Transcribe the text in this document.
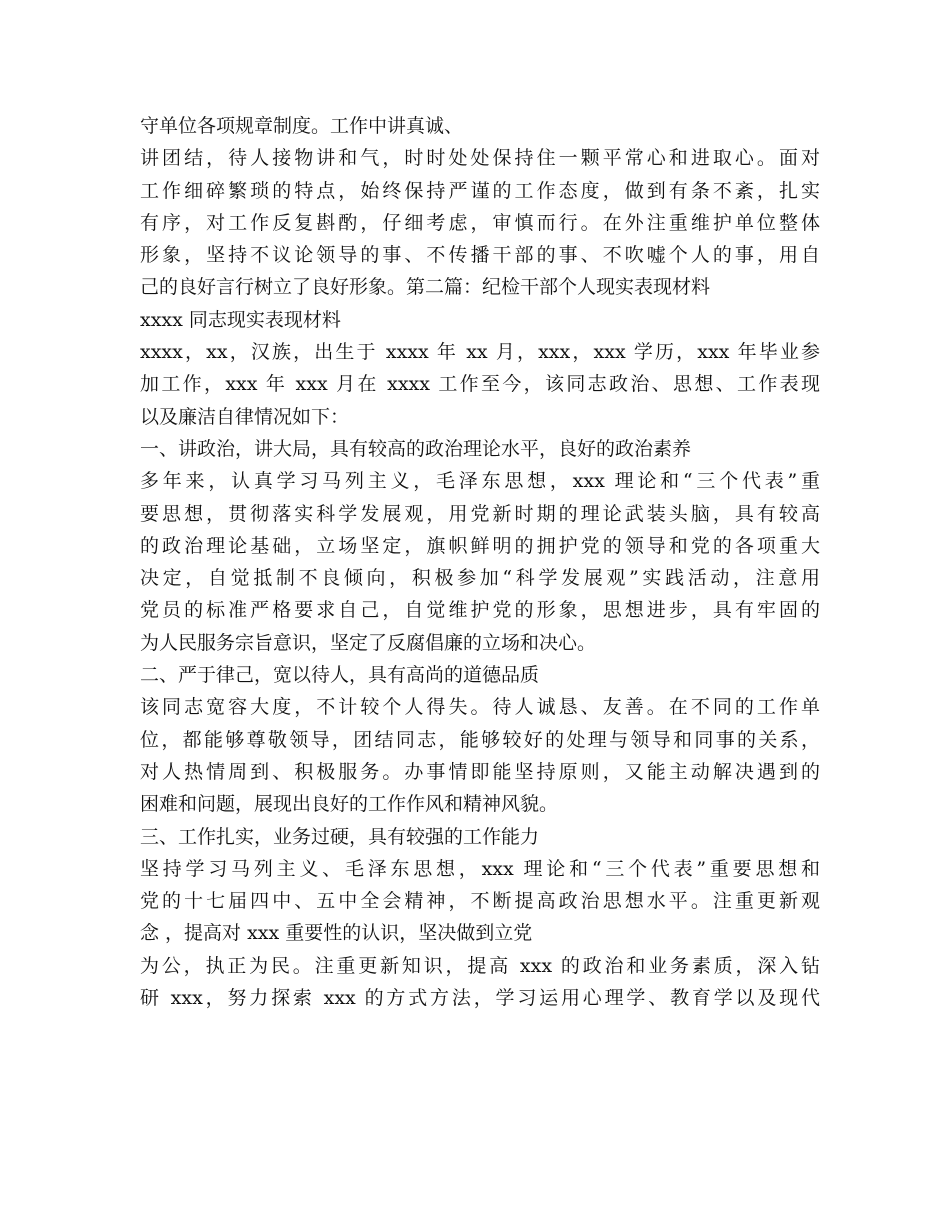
守单位各项规章制度。工作中讲真诚、
讲团结，待人接物讲和气，时时处处保持住一颗平常心和进取心。面对
工作细碎繁琐的特点，始终保持严谨的工作态度，做到有条不紊，扎实
有序，对工作反复斟酌，仔细考虑，审慎而行。在外注重维护单位整体
形象，坚持不议论领导的事、不传播干部的事、不吹嘘个人的事，用自
己的良好言行树立了良好形象。第二篇：纪检干部个人现实表现材料
xxxx 同志现实表现材料
xxxx，xx，汉族，出生于 xxxx 年 xx 月，xxx，xxx 学历，xxx 年毕业参
加工作，xxx 年 xxx 月在 xxxx 工作至今，该同志政治、思想、工作表现
以及廉洁自律情况如下：
一、讲政治，讲大局，具有较高的政治理论水平，良好的政治素养
多年来，认真学习马列主义，毛泽东思想，xxx 理论和“三个代表”重
要思想，贯彻落实科学发展观，用党新时期的理论武装头脑，具有较高
的政治理论基础，立场坚定，旗帜鲜明的拥护党的领导和党的各项重大
决定，自觉抵制不良倾向，积极参加“科学发展观”实践活动，注意用
党员的标准严格要求自己，自觉维护党的形象，思想进步，具有牢固的
为人民服务宗旨意识，坚定了反腐倡廉的立场和决心。
二、严于律己，宽以待人，具有高尚的道德品质
该同志宽容大度，不计较个人得失。待人诚恳、友善。在不同的工作单
位，都能够尊敬领导，团结同志，能够较好的处理与领导和同事的关系，
对人热情周到、积极服务。办事情即能坚持原则，又能主动解决遇到的
困难和问题，展现出良好的工作作风和精神风貌。
三、工作扎实，业务过硬，具有较强的工作能力
坚持学习马列主义、毛泽东思想，xxx 理论和“三个代表”重要思想和
党的十七届四中、五中全会精神，不断提高政治思想水平。注重更新观
念 ，提高对 xxx 重要性的认识，坚决做到立党
为公，执正为民。注重更新知识，提高 xxx 的政治和业务素质，深入钻
研 xxx，努力探索 xxx 的方式方法，学习运用心理学、教育学以及现代
